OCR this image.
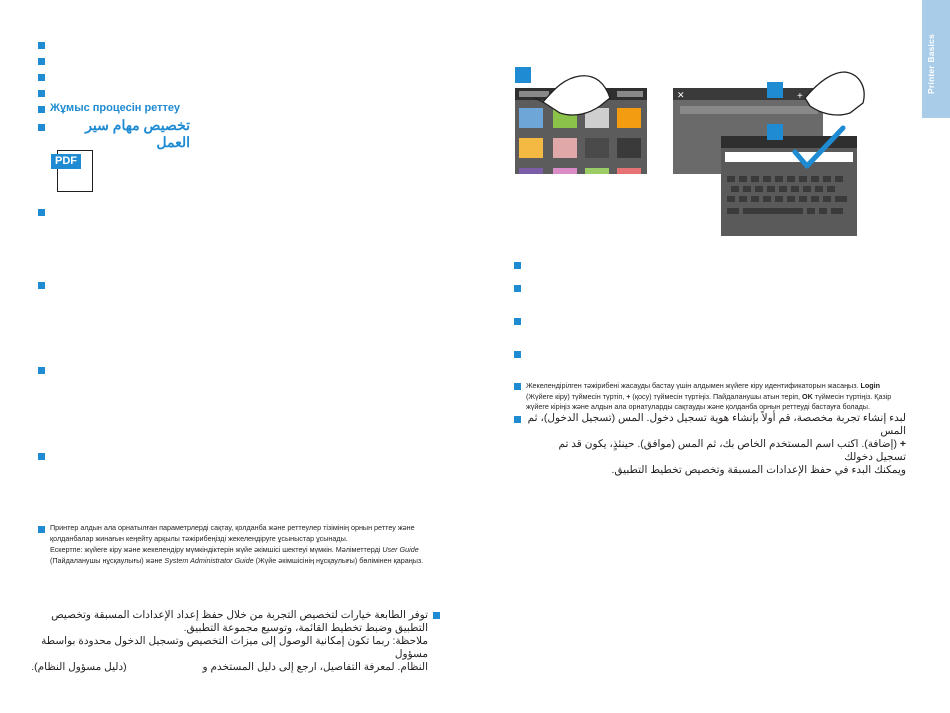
Printer Basics
Жұмыс процесін реттеу
تخصيص مهام سير العمل
PDF
Принтер алдын ала орнатылған параметрлерді сақтау, қолданба және реттеулер тізімінің орнын реттеу және қолданбалар жинағын кеңейту арқылы тәжірибеңізді жекелендіруге ұсыныстар ұсынады.
Ескертпе: жүйеге кіру және жекелендіру мүмкіндіктерін жүйе әкімшісі шектеуі мүмкін. Мәліметтерді User Guide (Пайдаланушы нұсқаулығы) және System Administrator Guide (Жүйе әкімшісінің нұсқаулығы) бөлімінен қараңыз.
توفر الطابعة خيارات لتخصيص التجربة من خلال حفظ إعداد الإعدادات المسبقة وتخصيص التطبيق وضبط تخطيط القائمة، وتوسيع مجموعة التطبيق.
ملاحظة: ربما تكون إمكانية الوصول إلى ميزات التخصيص وتسجيل الدخول محدودة بواسطة مسؤول
النظام. لمعرفة التفاصيل، ارجع إلى دليل المستخدم و                          (دليل مسؤول النظام).
✕	+
Жекелендірілген тәжірибені жасауды бастау үшін алдымен жүйеге кіру идентификаторын жасаңыз. Login (Жүйеге кіру) түймесін түртіп, + (қосу) түймесін түртіңіз. Пайдаланушы атын теріп, OK түймесін түртіңіз. Қазір жүйеге кіріңіз және алдын ала орнатуларды сақтауды және қолданба орнын реттеуді бастауға болады.
لبدء إنشاء تجربة مخصصة، قم أولاً بإنشاء هوية تسجيل دخول. المس (تسجيل الدخول)، ثم المس
+ (إضافة). اكتب اسم المستخدم الخاص بك، ثم المس (موافق). حينئذٍ، يكون قد تم تسجيل دخولك
ويمكنك البدء في حفظ الإعدادات المسبقة وتخصيص تخطيط التطبيق.
